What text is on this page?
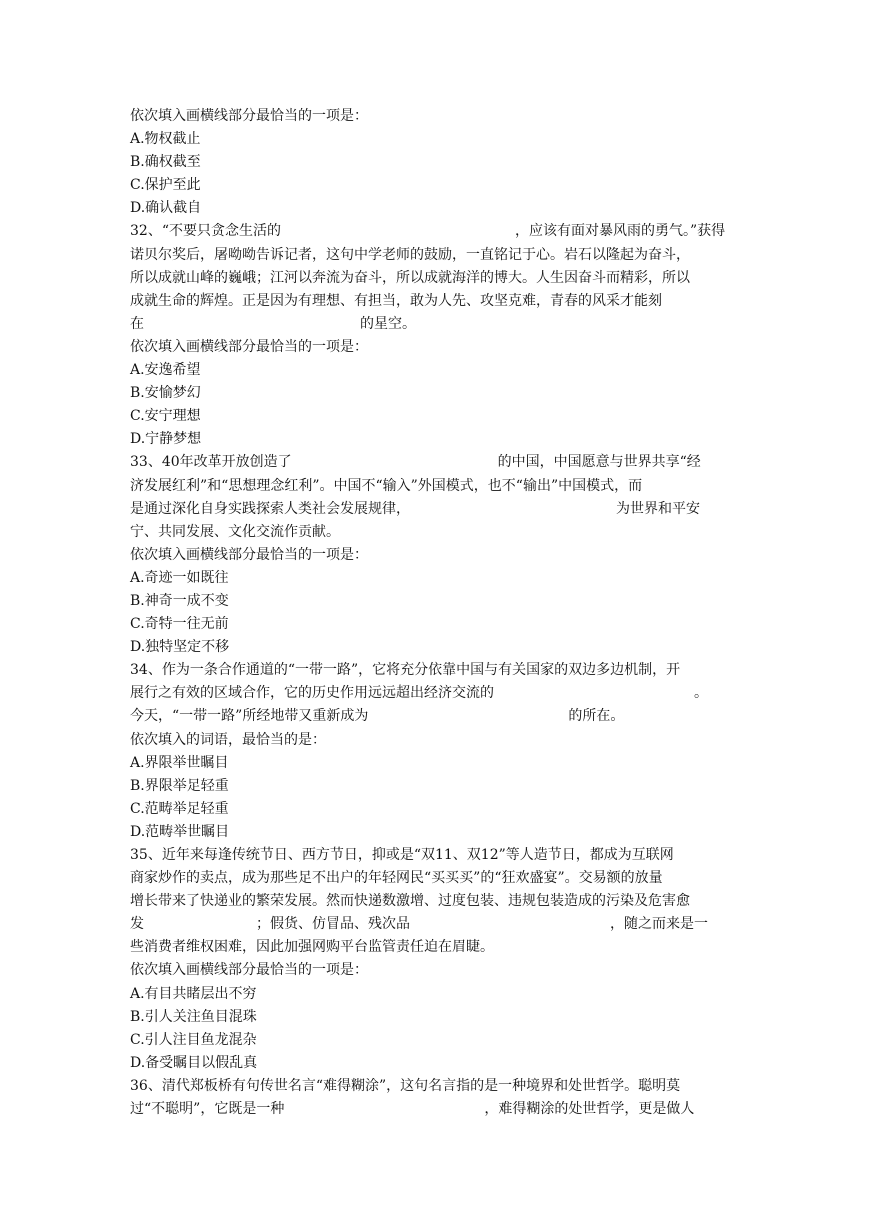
依次填入画横线部分最恰当的一项是：
A.物权截止
B.确权截至
C.保护至此
D.确认截自
32、“不要只贪念生活的	，应该有面对暴风雨的勇气。”获得
诺贝尔奖后，屠呦呦告诉记者，这句中学老师的鼓励，一直铭记于心。岩石以隆起为奋斗，
所以成就山峰的巍峨；江河以奔流为奋斗，所以成就海洋的博大。人生因奋斗而精彩，所以
成就生命的辉煌。正是因为有理想、有担当，敢为人先、攻坚克难，青春的风采才能刻
在	的星空。
依次填入画横线部分最恰当的一项是：
A.安逸希望
B.安愉梦幻
C.安宁理想
D.宁静梦想
33、40年改革开放创造了	的中国，中国愿意与世界共享“经
济发展红利”和“思想理念红利”。中国不“输入”外国模式，也不“输出”中国模式，而
是通过深化自身实践探索人类社会发展规律，	为世界和平安
宁、共同发展、文化交流作贡献。
依次填入画横线部分最恰当的一项是：
A.奇迹一如既往
B.神奇一成不变
C.奇特一往无前
D.独特坚定不移
34、作为一条合作通道的“一带一路”，它将充分依靠中国与有关国家的双边多边机制，开
展行之有效的区域合作，它的历史作用远远超出经济交流的	。
今天，“一带一路”所经地带又重新成为	的所在。
依次填入的词语，最恰当的是：
A.界限举世瞩目
B.界限举足轻重
C.范畴举足轻重
D.范畴举世瞩目
35、近年来每逢传统节日、西方节日，抑或是“双11、双12”等人造节日，都成为互联网
商家炒作的卖点，成为那些足不出户的年轻网民“买买买”的“狂欢盛宴”。交易额的放量
增长带来了快递业的繁荣发展。然而快递数激增、过度包装、违规包装造成的污染及危害愈
发	；假货、仿冒品、残次品	，随之而来是一
些消费者维权困难，因此加强网购平台监管责任迫在眉睫。
依次填入画横线部分最恰当的一项是：
A.有目共睹层出不穷
B.引人关注鱼目混珠
C.引人注目鱼龙混杂
D.备受瞩目以假乱真
36、清代郑板桥有句传世名言“难得糊涂”，这句名言指的是一种境界和处世哲学。聪明莫
过“不聪明”，它既是一种	，难得糊涂的处世哲学，更是做人
